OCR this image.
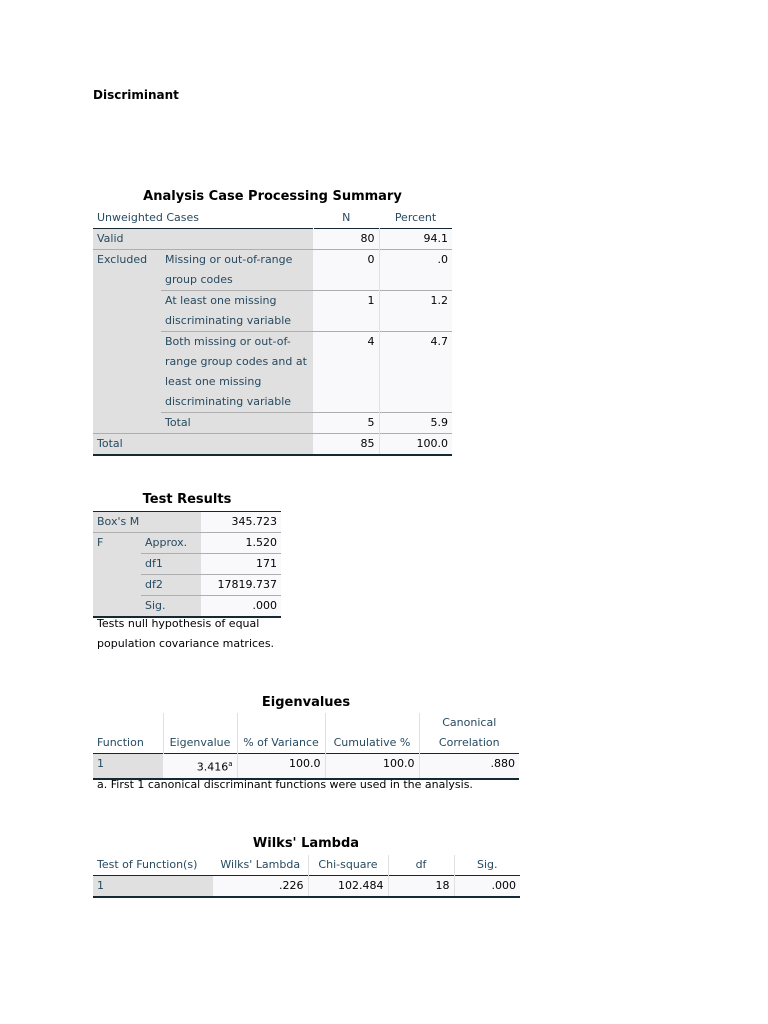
Discriminant
Analysis Case Processing Summary
Unweighted Cases		N	Percent
Valid		80	94.1
Excluded	Missing or out-of-range group codes	0	.0
	At least one missing discriminating variable	1	1.2
	Both missing or out-of-range group codes and at least one missing discriminating variable	4	4.7
	Total	5	5.9
Total		85	100.0
Test Results
Box's M		345.723
F	Approx.	1.520
	df1	171
	df2	17819.737
	Sig.	.000
Tests null hypothesis of equal population covariance matrices.
Eigenvalues
Function	Eigenvalue	% of Variance	Cumulative %	Canonical Correlation
1	3.416$^a$	100.0	100.0	.880
a. First 1 canonical discriminant functions were used in the analysis.
Wilks' Lambda
Test of Function(s)	Wilks' Lambda	Chi-square	df	Sig.
1	.226	102.484	18	.000
